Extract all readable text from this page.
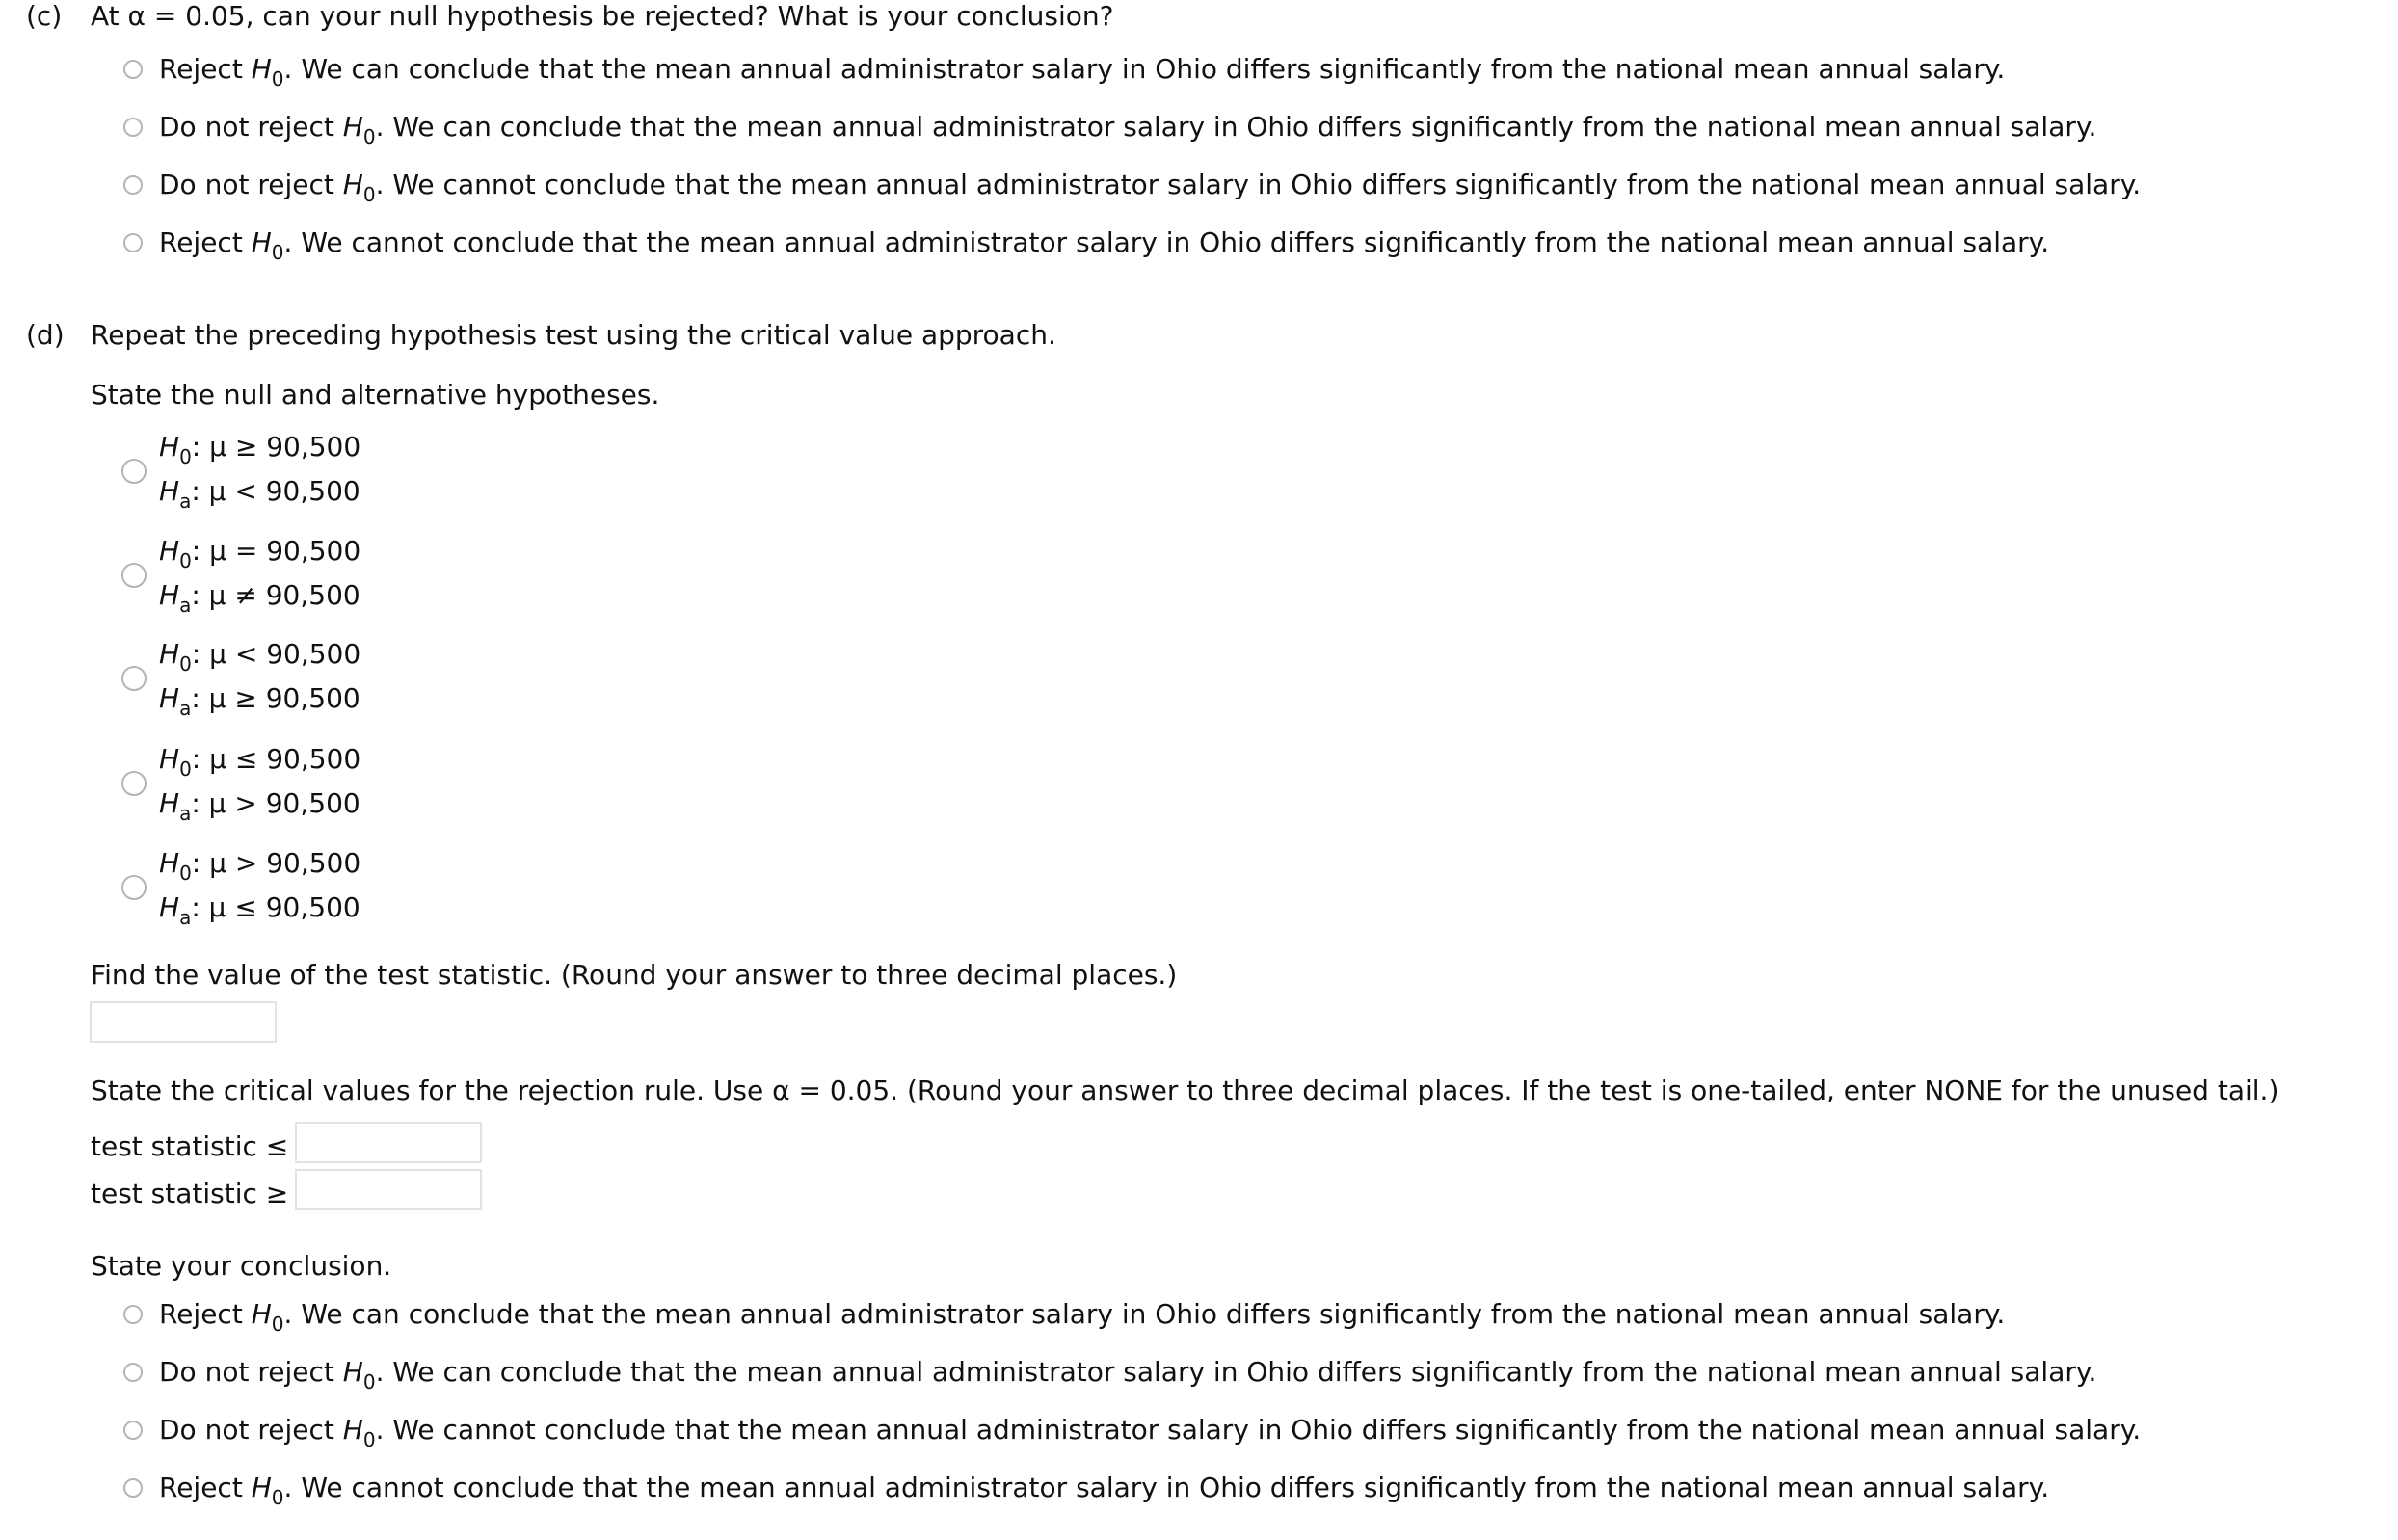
(c) At α = 0.05, can your null hypothesis be rejected? What is your conclusion?
Reject $H_0$. We can conclude that the mean annual administrator salary in Ohio differs significantly from the national mean annual salary.
Do not reject $H_0$. We can conclude that the mean annual administrator salary in Ohio differs significantly from the national mean annual salary.
Do not reject $H_0$. We cannot conclude that the mean annual administrator salary in Ohio differs significantly from the national mean annual salary.
Reject $H_0$. We cannot conclude that the mean annual administrator salary in Ohio differs significantly from the national mean annual salary.
(d) Repeat the preceding hypothesis test using the critical value approach.
State the null and alternative hypotheses.
$H_0$: μ ≥ 90,500
$H_a$: μ < 90,500
$H_0$: μ = 90,500
$H_a$: μ ≠ 90,500
$H_0$: μ < 90,500
$H_a$: μ ≥ 90,500
$H_0$: μ ≤ 90,500
$H_a$: μ > 90,500
$H_0$: μ > 90,500
$H_a$: μ ≤ 90,500
Find the value of the test statistic. (Round your answer to three decimal places.)
State the critical values for the rejection rule. Use α = 0.05. (Round your answer to three decimal places. If the test is one-tailed, enter NONE for the unused tail.)
test statistic ≤
test statistic ≥
State your conclusion.
Reject $H_0$. We can conclude that the mean annual administrator salary in Ohio differs significantly from the national mean annual salary.
Do not reject $H_0$. We can conclude that the mean annual administrator salary in Ohio differs significantly from the national mean annual salary.
Do not reject $H_0$. We cannot conclude that the mean annual administrator salary in Ohio differs significantly from the national mean annual salary.
Reject $H_0$. We cannot conclude that the mean annual administrator salary in Ohio differs significantly from the national mean annual salary.
